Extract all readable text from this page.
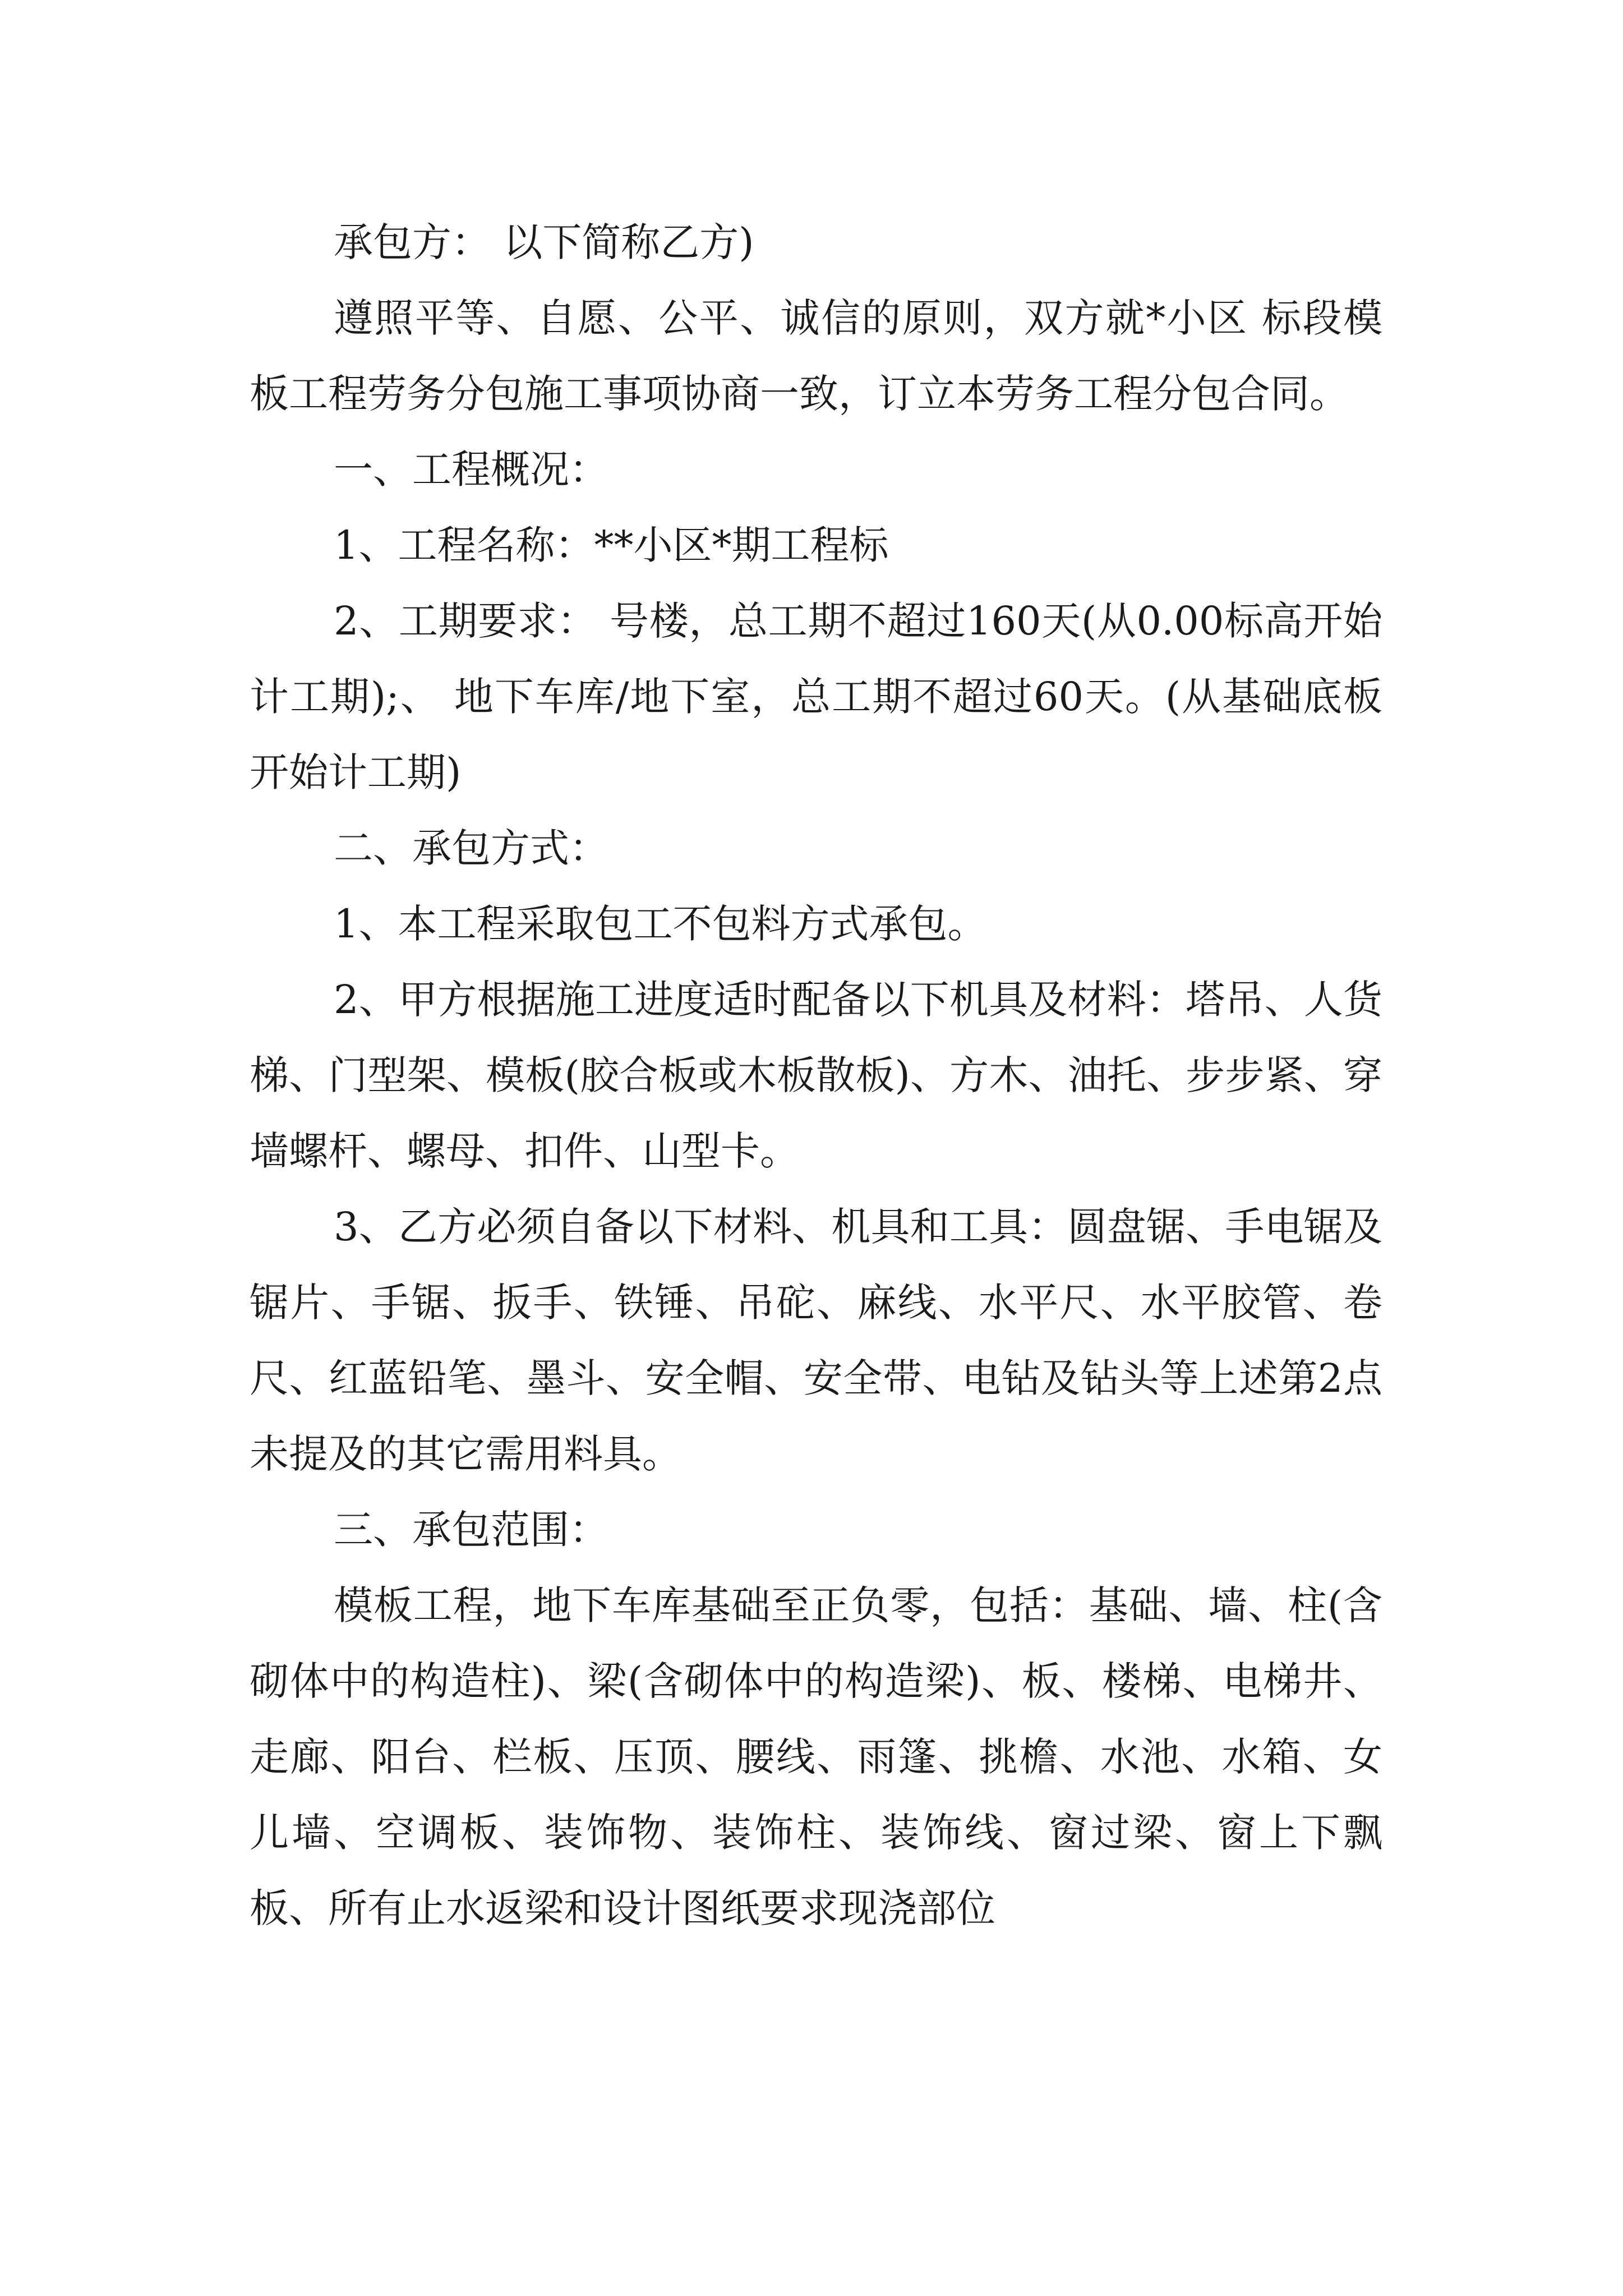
承包方： 以下简称乙方)

遵照平等、自愿、公平、诚信的原则，双方就*小区 标段模板工程劳务分包施工事项协商一致，订立本劳务工程分包合同。

一、工程概况：

1、工程名称：**小区*期工程标

2、工期要求： 号楼，总工期不超过160天(从0.00标高开始计工期);、 地下车库/地下室，总工期不超过60天。(从基础底板开始计工期)

二、承包方式：

1、本工程采取包工不包料方式承包。

2、甲方根据施工进度适时配备以下机具及材料：塔吊、人货梯、门型架、模板(胶合板或木板散板)、方木、油托、步步紧、穿墙螺杆、螺母、扣件、山型卡。

3、乙方必须自备以下材料、机具和工具：圆盘锯、手电锯及锯片、手锯、扳手、铁锤、吊砣、麻线、水平尺、水平胶管、卷尺、红蓝铅笔、墨斗、安全帽、安全带、电钻及钻头等上述第2点未提及的其它需用料具。

三、承包范围：

模板工程，地下车库基础至正负零，包括：基础、墙、柱(含砌体中的构造柱)、梁(含砌体中的构造梁)、板、楼梯、电梯井、走廊、阳台、栏板、压顶、腰线、雨篷、挑檐、水池、水箱、女儿墙、空调板、装饰物、装饰柱、装饰线、窗过梁、窗上下飘板、所有止水返梁和设计图纸要求现浇部位
